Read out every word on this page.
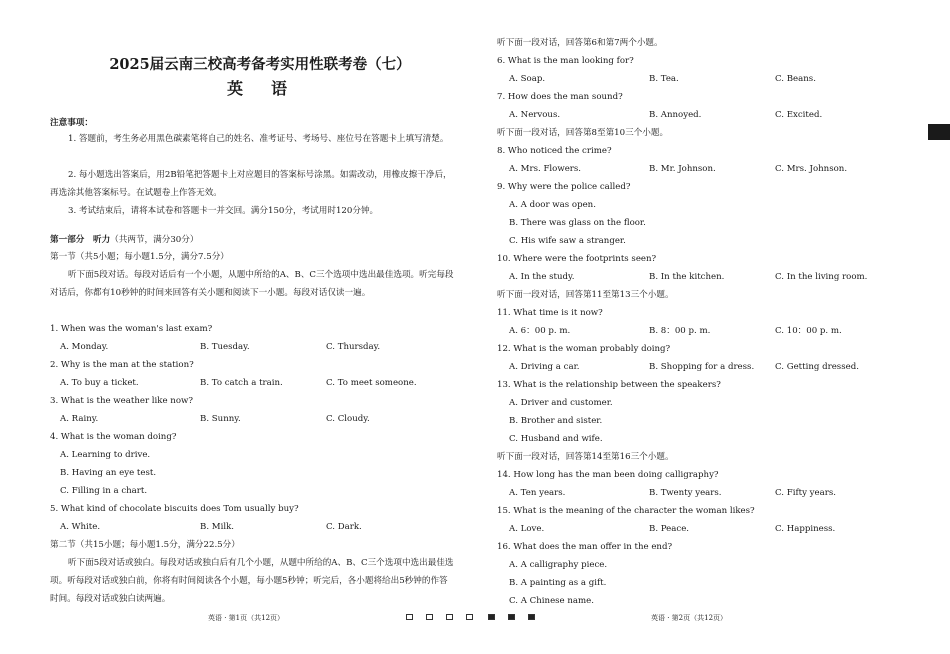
2025届云南三校高考备考实用性联考卷（七）
英　语
注意事项：
1. 答题前，考生务必用黑色碳素笔将自己的姓名、准考证号、考场号、座位号在答题卡上填写清楚。
2. 每小题选出答案后，用2B铅笔把答题卡上对应题目的答案标号涂黑。如需改动，用橡皮擦干净后，再选涂其他答案标号。在试题卷上作答无效。
3. 考试结束后，请将本试卷和答题卡一并交回。满分150分，考试用时120分钟。
第一部分　听力（共两节，满分30分）
第一节（共5小题；每小题1.5分，满分7.5分）
听下面5段对话。每段对话后有一个小题，从题中所给的A、B、C三个选项中选出最佳选项。听完每段对话后，你都有10秒钟的时间来回答有关小题和阅读下一小题。每段对话仅读一遍。
1. When was the woman's last exam?
A. Monday.	B. Tuesday.	C. Thursday.
2. Why is the man at the station?
A. To buy a ticket.	B. To catch a train.	C. To meet someone.
3. What is the weather like now?
A. Rainy.	B. Sunny.	C. Cloudy.
4. What is the woman doing?
A. Learning to drive.
B. Having an eye test.
C. Filling in a chart.
5. What kind of chocolate biscuits does Tom usually buy?
A. White.	B. Milk.	C. Dark.
第二节（共15小题；每小题1.5分，满分22.5分）
听下面5段对话或独白。每段对话或独白后有几个小题，从题中所给的A、B、C三个选项中选出最佳选项。听每段对话或独白前，你将有时间阅读各个小题，每小题5秒钟；听完后，各小题将给出5秒钟的作答时间。每段对话或独白读两遍。
英语 · 第1页（共12页）
听下面一段对话，回答第6和第7两个小题。
6. What is the man looking for?
A. Soap.	B. Tea.	C. Beans.
7. How does the man sound?
A. Nervous.	B. Annoyed.	C. Excited.
听下面一段对话，回答第8至第10三个小题。
8. Who noticed the crime?
A. Mrs. Flowers.	B. Mr. Johnson.	C. Mrs. Johnson.
9. Why were the police called?
A. A door was open.
B. There was glass on the floor.
C. His wife saw a stranger.
10. Where were the footprints seen?
A. In the study.	B. In the kitchen.	C. In the living room.
听下面一段对话，回答第11至第13三个小题。
11. What time is it now?
A. 6：00 p. m.	B. 8：00 p. m.	C. 10：00 p. m.
12. What is the woman probably doing?
A. Driving a car.	B. Shopping for a dress. C. Getting dressed.
13. What is the relationship between the speakers?
A. Driver and customer.
B. Brother and sister.
C. Husband and wife.
听下面一段对话，回答第14至第16三个小题。
14. How long has the man been doing calligraphy?
A. Ten years.	B. Twenty years.	C. Fifty years.
15. What is the meaning of the character the woman likes?
A. Love.	B. Peace.	C. Happiness.
16. What does the man offer in the end?
A. A calligraphy piece.
B. A painting as a gift.
C. A Chinese name.
英语 · 第2页（共12页）
